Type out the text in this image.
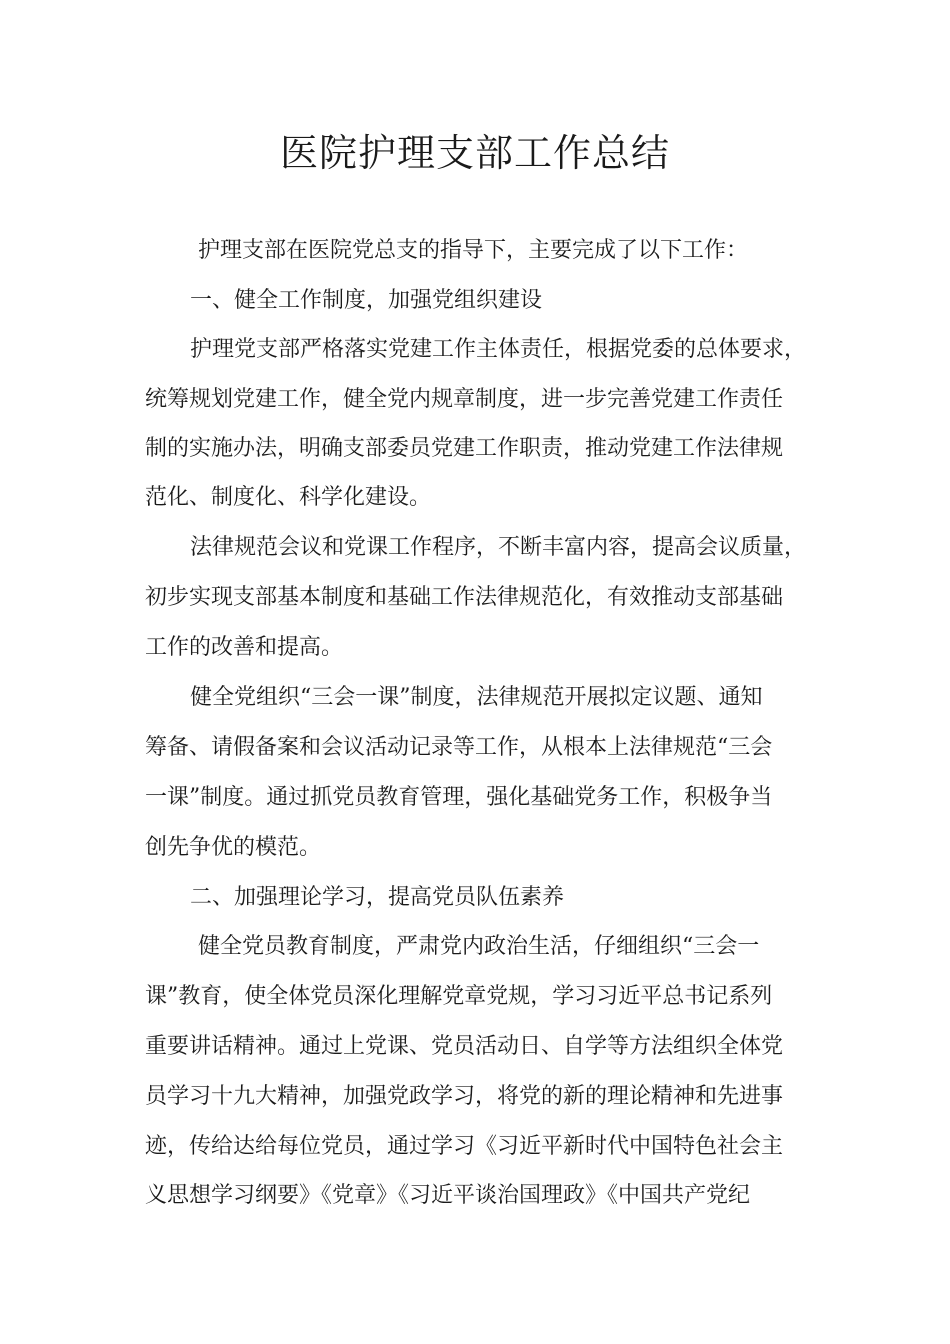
医院护理支部工作总结

护理支部在医院党总支的指导下，主要完成了以下工作：

一、健全工作制度，加强党组织建设

护理党支部严格落实党建工作主体责任，根据党委的总体要求，

统筹规划党建工作，健全党内规章制度，进一步完善党建工作责任

制的实施办法，明确支部委员党建工作职责，推动党建工作法律规

范化、制度化、科学化建设。

法律规范会议和党课工作程序，不断丰富内容，提高会议质量，

初步实现支部基本制度和基础工作法律规范化，有效推动支部基础

工作的改善和提高。

健全党组织“三会一课”制度，法律规范开展拟定议题、通知

筹备、请假备案和会议活动记录等工作，从根本上法律规范“三会

一课”制度。通过抓党员教育管理，强化基础党务工作，积极争当

创先争优的模范。

二、加强理论学习，提高党员队伍素养

健全党员教育制度，严肃党内政治生活，仔细组织“三会一

课”教育，使全体党员深化理解党章党规，学习习近平总书记系列

重要讲话精神。通过上党课、党员活动日、自学等方法组织全体党

员学习十九大精神，加强党政学习，将党的新的理论精神和先进事

迹，传给达给每位党员，通过学习《习近平新时代中国特色社会主

义思想学习纲要》《党章》《习近平谈治国理政》《中国共产党纪
